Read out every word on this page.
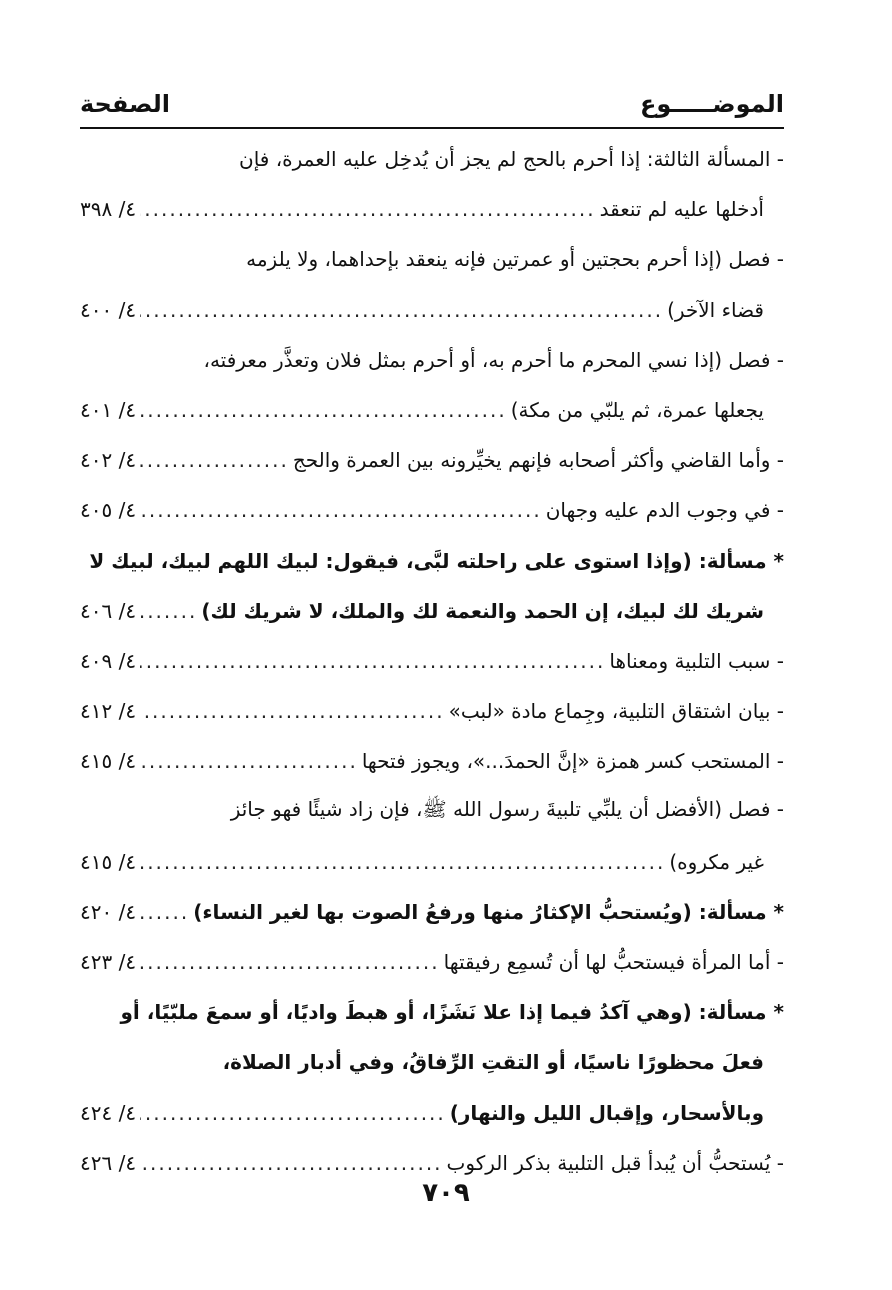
الموضـــــوع
الصفحة
- المسألة الثالثة: إذا أحرم بالحج لم يجز أن يُدخِل عليه العمرة، فإن
أدخلها عليه لم تنعقد
.....
٤/ ٣٩٨
- فصل (إذا أحرم بحجتين أو عمرتين فإنه ينعقد بإحداهما، ولا يلزمه
قضاء الآخر)
.....
٤/ ٤٠٠
- فصل (إذا نسي المحرم ما أحرم به، أو أحرم بمثل فلان وتعذَّر معرفته،
يجعلها عمرة، ثم يلبّي من مكة)
.....
٤/ ٤٠١
- وأما القاضي وأكثر أصحابه فإنهم يخيِّرونه بين العمرة والحج
.....
٤/ ٤٠٢
- في وجوب الدم عليه وجهان
.....
٤/ ٤٠٥
* مسألة: (وإذا استوى على راحلته لبَّى، فيقول: لبيك اللهم لبيك، لبيك لا
شريك لك لبيك، إن الحمد والنعمة لك والملك، لا شريك لك)
.....
٤/ ٤٠٦
- سبب التلبية ومعناها
.....
٤/ ٤٠٩
- بيان اشتقاق التلبية، وجِماع مادة «لبب»
.....
٤/ ٤١٢
- المستحب كسر همزة «إنَّ الحمدَ...»، ويجوز فتحها
.....
٤/ ٤١٥
- فصل (الأفضل أن يلبِّي تلبيةَ رسول الله ﷺ، فإن زاد شيئًا فهو جائز
غير مكروه)
.....
٤/ ٤١٥
* مسألة: (ويُستحبُّ الإكثارُ منها ورفعُ الصوت بها لغير النساء)
.....
٤/ ٤٢٠
- أما المرأة فيستحبُّ لها أن تُسمِع رفيقتها
.....
٤/ ٤٢٣
* مسألة: (وهي آكدُ فيما إذا علا نَشَزًا، أو هبطَ واديًا، أو سمعَ ملبّيًا، أو
فعلَ محظورًا ناسيًا، أو التقتِ الرِّفاقُ، وفي أدبار الصلاة،
وبالأسحار، وإقبال الليل والنهار)
.....
٤/ ٤٢٤
- يُستحبُّ أن يُبدأ قبل التلبية بذكر الركوب
.....
٤/ ٤٢٦
٧٠٩
